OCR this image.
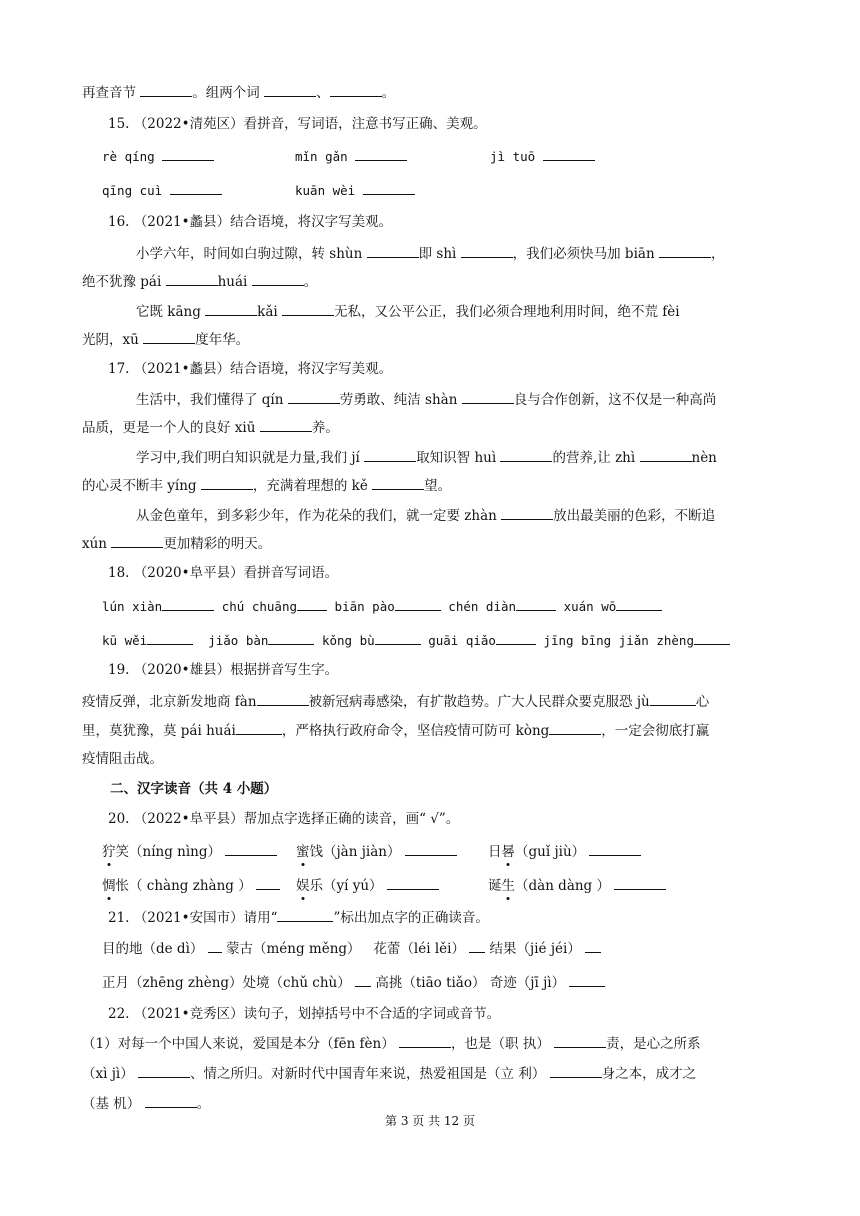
再查音节	。组两个词	、	。
15. （2022•清苑区）看拼音，写词语，注意书写正确、美观。
rè qíng	mǐn gǎn	jì tuō
qīng cuì	kuān wèi
16. （2021•蠡县）结合语境，将汉字写美观。
小学六年，时间如白驹过隙，转 shùn	即 shì	，我们必须快马加 biān	，
绝不犹豫 pái	huái	。
它既 kāng	kǎi	无私，又公平公正，我们必须合理地利用时间，绝不荒 fèi
光阴，xū	度年华。
17. （2021•蠡县）结合语境，将汉字写美观。
生活中，我们懂得了 qín	劳勇敢、纯洁 shàn	良与合作创新，这不仅是一种高尚
品质，更是一个人的良好 xiū	养。
学习中,我们明白知识就是力量,我们 jí	取知识智 huì	的营养,让 zhì	nèn
的心灵不断丰 yíng	，充满着理想的 kě	望。
从金色童年，到多彩少年，作为花朵的我们，就一定要 zhàn	放出最美丽的色彩，不断追
xún	更加精彩的明天。
18. （2020•阜平县）看拼音写词语。
lún xiàn	chú chuāng	biān pào	chén diàn	xuán wō
kū wěi	jiǎo bàn	kǒng bù	guāi qiǎo	jīng bīng jiǎn zhèng
19. （2020•雄县）根据拼音写生字。
疫情反弹，北京新发地商 fàn	被新冠病毒感染，有扩散趋势。广大人民群众要克服恐 jù	心
里，莫犹豫，莫 pái huái	，严格执行政府命令，坚信疫情可防可 kòng	，一定会彻底打赢
疫情阻击战。
二、汉字读音（共 4 小题）
20. （2022•阜平县）帮加点字选择正确的读音，画“ √”。
狞笑（níng nìng）	蜜饯（jàn jiàn）	日晷（guǐ jiù）
惆怅（ chàng zhàng ）	娱乐（yí yú）	诞生（dàn dàng ）
21. （2021•安国市）请用“	”标出加点字的正确读音。
目的地（de dì） 蒙古（méng měng） 花蕾（léi lěi） 结果（jié jéi）
正月（zhēng zhèng）处境（chǔ chù） 高挑（tiāo tiǎo） 奇迹（jī jì）
22. （2021•竞秀区）读句子，划掉括号中不合适的字词或音节。
（1）对每一个中国人来说，爱国是本分（fēn fèn）	，也是（职 执）	责，是心之所系
（xì jì）	、情之所归。对新时代中国青年来说，热爱祖国是（立 利）	身之本，成才之
（基 机）	。
第 3 页 共 12 页
